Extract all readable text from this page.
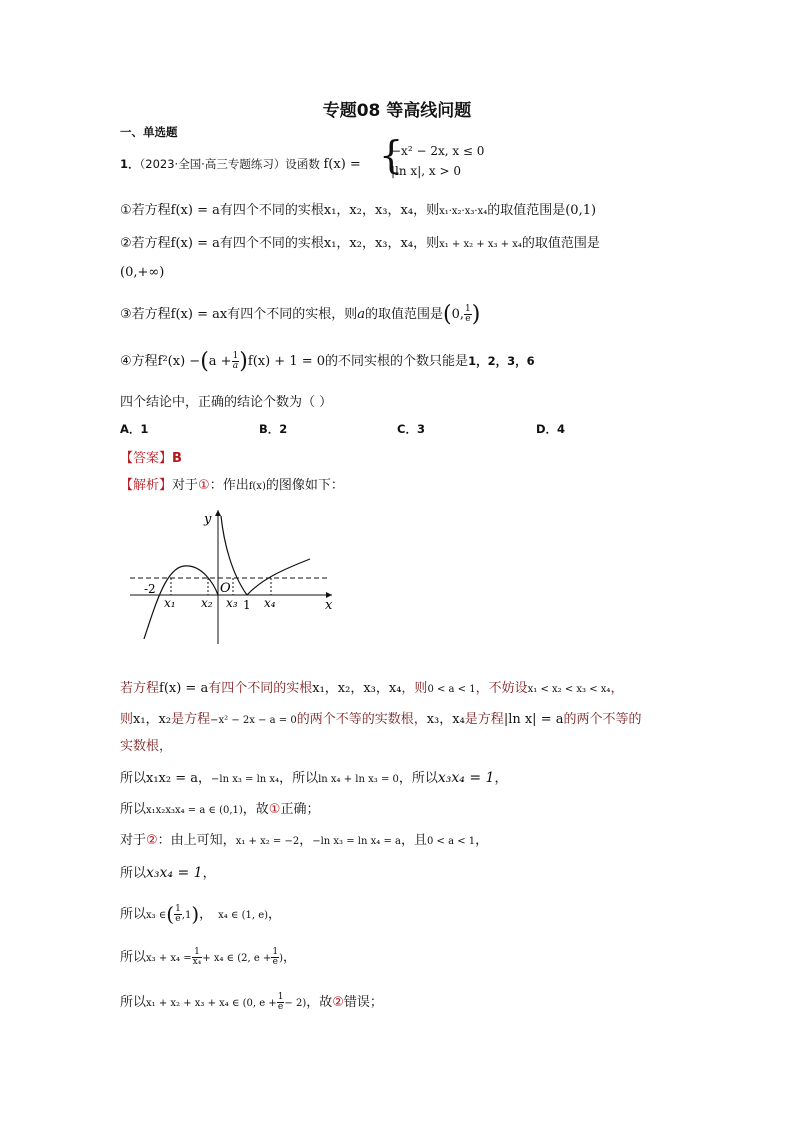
专题08 等高线问题
一、单选题
1．（2023·全国·高三专题练习）设函数 f(x) = {
−x² − 2x, x ≤ 0
|ln x|, x > 0
①若方程f(x) = a有四个不同的实根x₁，x₂，x₃，x₄，则x₁·x₂·x₃·x₄的取值范围是(0,1)
②若方程f(x) = a有四个不同的实根x₁，x₂，x₃，x₄，则x₁ + x₂ + x₃ + x₄的取值范围是
(0,+∞)
③若方程f(x) = ax有四个不同的实根，则a的取值范围是(0, $\frac{1}{e}$ )
④方程$f^2(x) -(a + \frac{1}{a} )f(x) + 1 = 0$的不同实根的个数只能是1，2，3，6
四个结论中，正确的结论个数为（ ）
A．1	B．2	C．3	D．4
【答案】B
【解析】对于①：作出f(x)的图像如下：
y
x
O
-2
1
x₁ x₂ x₃ x₄
若方程f(x) = a有四个不同的实根x₁，x₂，x₃，x₄，则0 < a < 1，不妨设x₁ < x₂ < x₃ < x₄，
则x₁，x₂是方程−x² − 2x − a = 0的两个不等的实数根，x₃，x₄是方程|ln x| = a的两个不等的
实数根，
所以x₁x₂ = a，−ln x₃ = ln x₄，所以ln x₄ + ln x₃ = 0，所以x₃x₄ = 1，
所以x₁x₂x₃x₄ = a ∈ (0,1)，故①正确；
对于②：由上可知，x₁ + x₂ = −2，−ln x₃ = ln x₄ = a，且0 < a < 1，
所以x₃x₄ = 1，
所以x₃ ∈( $\frac{1}{e} ,1$)， x₄ ∈ (1, e)，
所以$x_3 + x_4 = \frac{1}{\text{x₄}} + x_4$ ∈ (2, $e + \frac{1}{e}$ )，
所以x₁ + x₂ + x₃ + x₄ ∈ (0, $e + \frac{1}{e} - 2$)，故②错误；
